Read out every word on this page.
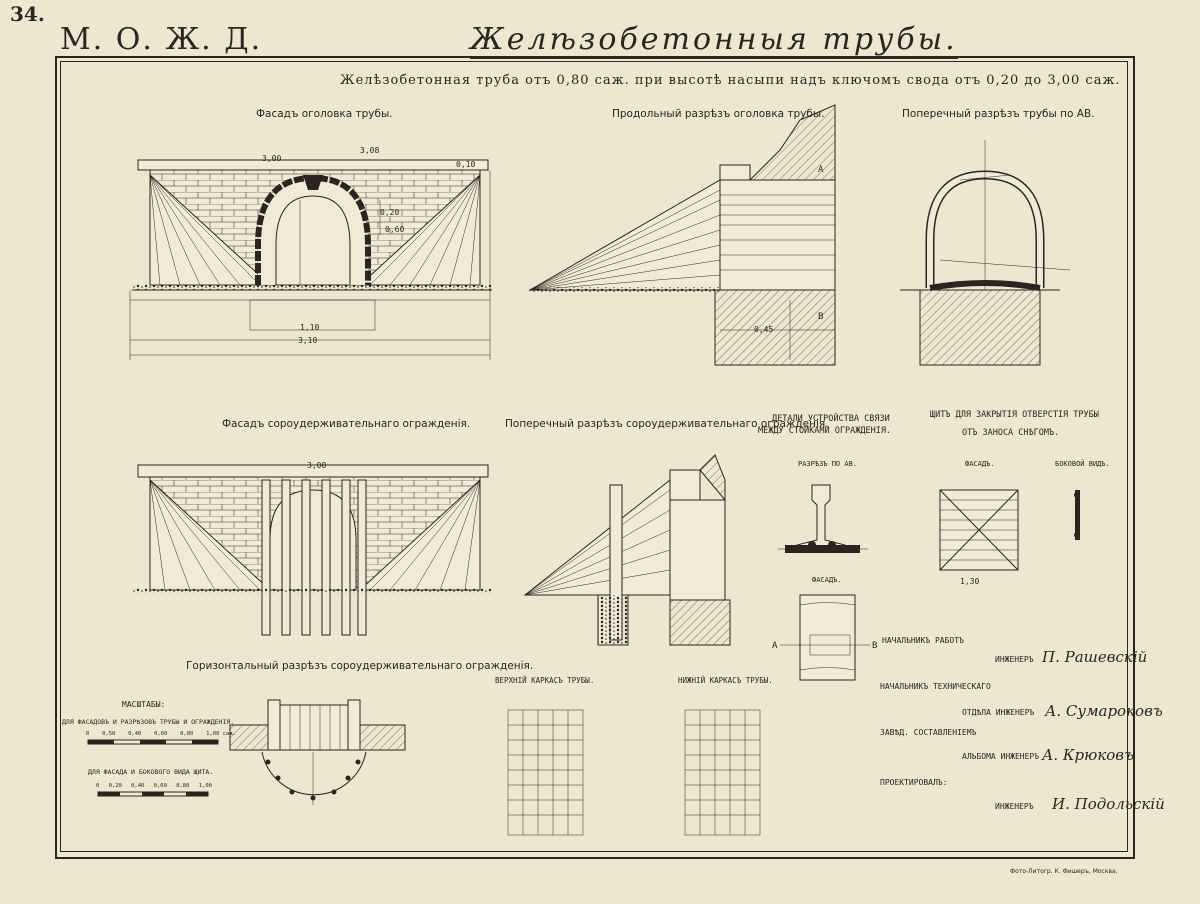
34.
М. О. Ж. Д.	Желѣзобетонныя трубы.
Желѣзобетонная труба отъ 0,80 саж. при высотѣ насыпи надъ ключомъ свода отъ 0,20 до 3,00 саж.
3,00
3,08
1,10
3,10
0,20
0,45
0,60
0,10
3,00
1,30
А
В
А	В
Фасадъ оголовка трубы.	Продольный разрѣзъ оголовка трубы.	Поперечный разрѣзъ трубы по АВ.
Фасадъ сороудерживательнаго огражденія.	Поперечный разрѣзъ сороудерживательнаго огражденія.
ДЕТАЛИ УСТРОЙСТВА СВЯЗИ
МЕЖДУ СТОЙКАМИ ОГРАЖДЕНІЯ.
ЩИТЪ ДЛЯ ЗАКРЫТІЯ ОТВЕРСТІЯ ТРУБЫ
ОТЪ ЗАНОСА СНѢГОМЪ.
РАЗРѢЗЪ ПО АВ.
ФАСАДЪ.
ФАСАДЪ.	БОКОВОЙ ВИДЪ.
Горизонтальный разрѣзъ сороудерживательнаго огражденія.
ВЕРХНІЙ КАРКАСЪ ТРУБЫ.	НИЖНІЙ КАРКАСЪ ТРУБЫ.
МАСШТАБЫ:
ДЛЯ ФАСАДОВЪ И РАЗРѢЗОВЪ ТРУБЫ И ОГРАЖДЕНІЯ.
ДЛЯ ФАСАДА И БОКОВОГО ВИДА ЩИТА.
0 0,50 0,40 0,60 0,80 1,00 саж.
0 0,20 0,40 0,60 0,80 1,00
НАЧАЛЬНИКЪ РАБОТЪ
ИНЖЕНЕРЪ П. Рашевскій
НАЧАЛЬНИКЪ ТЕХНИЧЕСКАГО
ОТДѢЛА ИНЖЕНЕРЪ А. Сумароковъ
ЗАВѢД. СОСТАВЛЕНІЕМЪ
АЛЬБОМА ИНЖЕНЕРЪ А. Крюковъ
ПРОЕКТИРОВАЛЪ:
ИНЖЕНЕРЪ И. Подольскій
Фото-Литогр. К. Фишеръ, Москва.
